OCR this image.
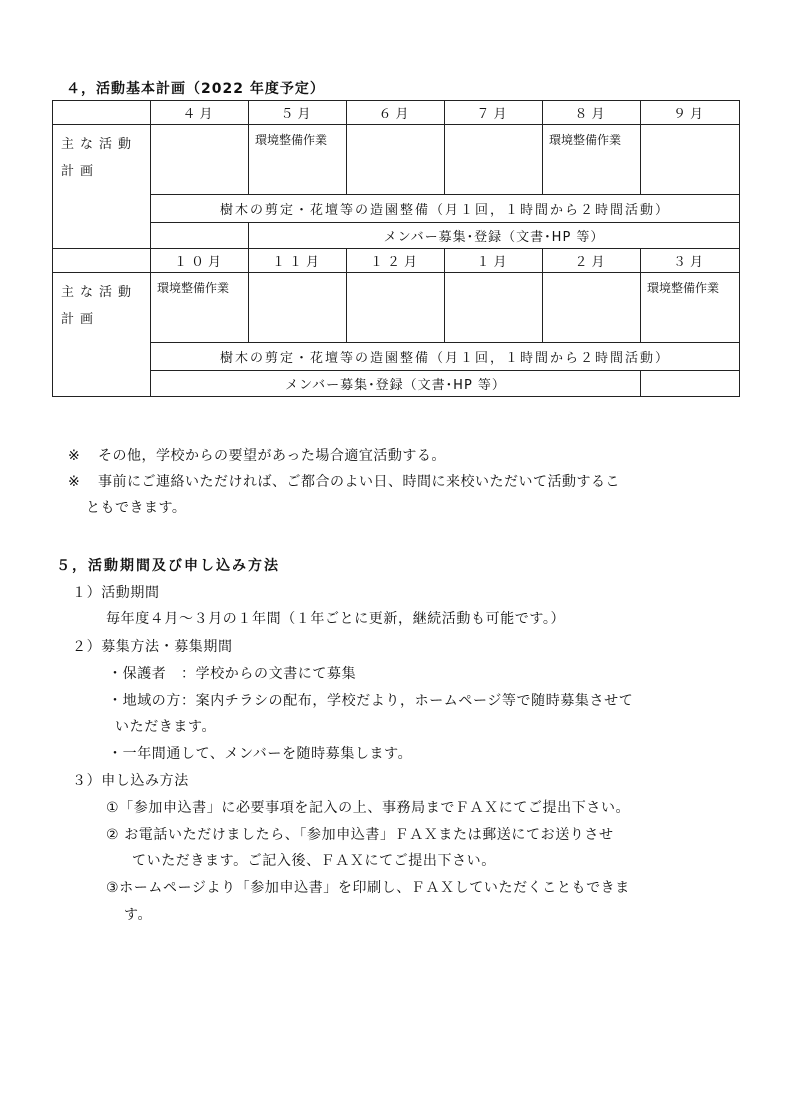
４，活動基本計画（2022 年度予定）
	４月	５月	６月	７月	８月	９月

主な活動
計画		環境整備作業			環境整備作業	
	樹木の剪定・花壇等の造園整備（月１回，１時間から２時間活動）					
		メンバー募集･登録（文書･HP 等）				
	１０月	１１月	１２月	１月	２月	３月

主な活動
計画	環境整備作業					環境整備作業
	樹木の剪定・花壇等の造園整備（月１回，１時間から２時間活動）					
	メンバー募集･登録（文書･HP 等）					
※ その他，学校からの要望があった場合適宜活動する。
※ 事前にご連絡いただければ、ご都合のよい日、時間に来校いただいて活動するこ
ともできます。
５，活動期間及び申し込み方法
１）活動期間
毎年度４月～３月の１年間（１年ごとに更新，継続活動も可能です。）
２）募集方法・募集期間
・保護者　：学校からの文書にて募集
・地域の方：案内チラシの配布，学校だより，ホームページ等で随時募集させて
いただきます。
・一年間通して、メンバーを随時募集します。
３）申し込み方法
①「参加申込書」に必要事項を記入の上、事務局までＦＡＸにてご提出下さい。
② お電話いただけましたら、「参加申込書」ＦＡＸまたは郵送にてお送りさせ
ていただきます。ご記入後、ＦＡＸにてご提出下さい。
③ホームページより「参加申込書」を印刷し、ＦＡＸしていただくこともできま
す。
